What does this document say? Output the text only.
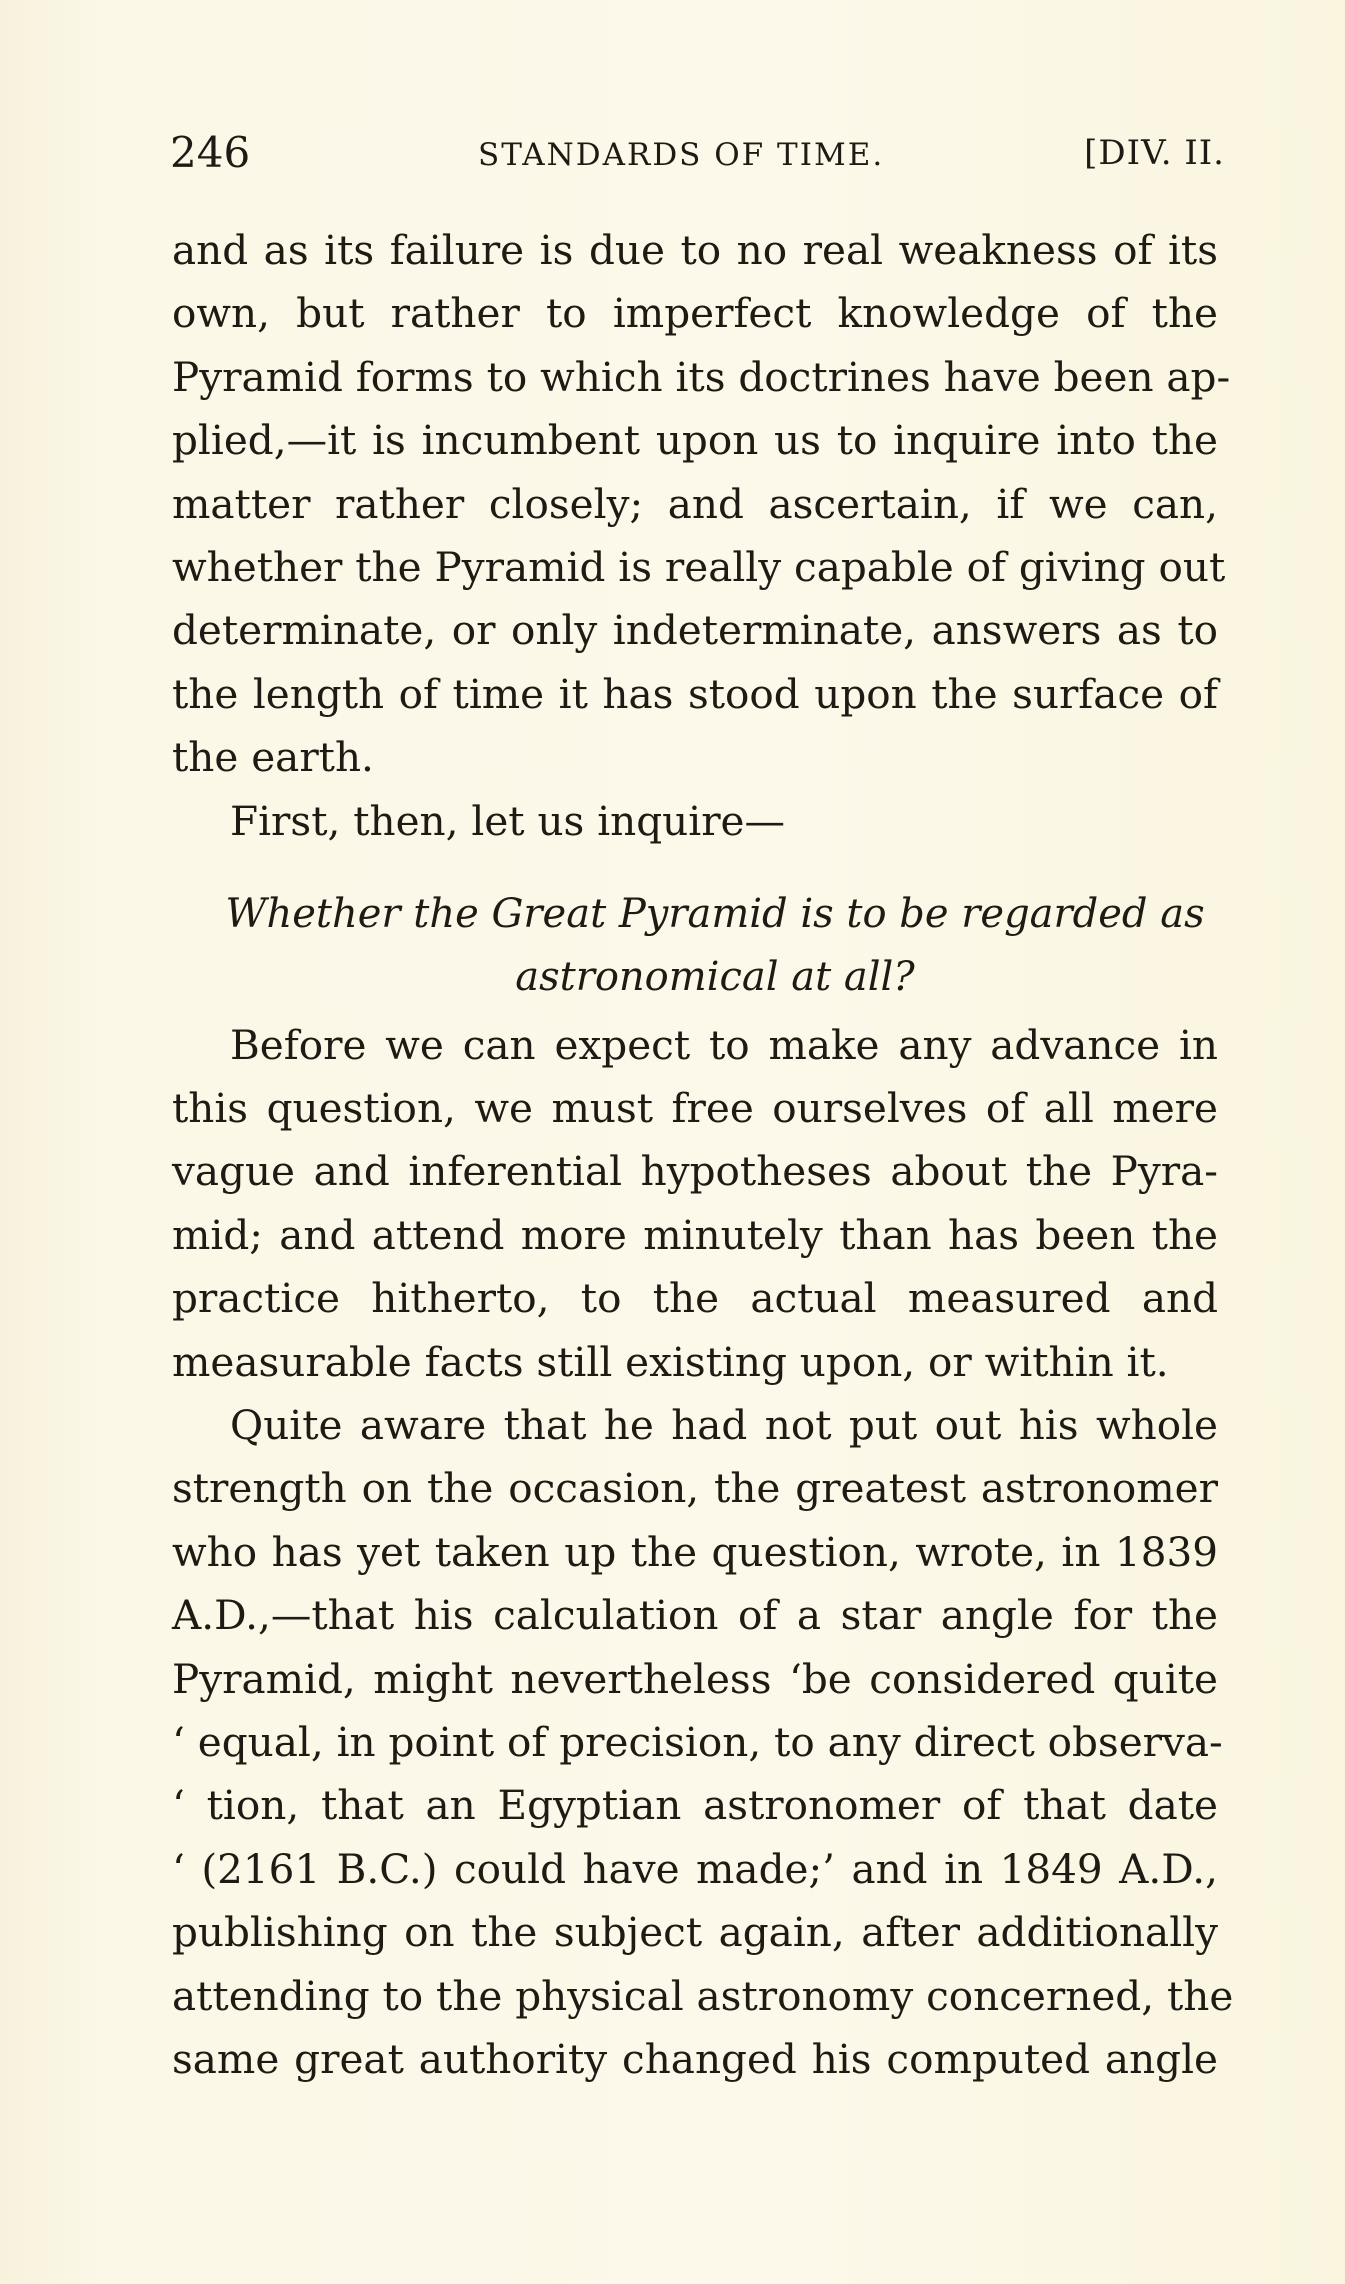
246	STANDARDS OF TIME.	[DIV. II.
and as its failure is due to no real weakness of its
own, but rather to imperfect knowledge of the
Pyramid forms to which its doctrines have been ap-
plied,—it is incumbent upon us to inquire into the
matter rather closely; and ascertain, if we can,
whether the Pyramid is really capable of giving out
determinate, or only indeterminate, answers as to
the length of time it has stood upon the surface of
the earth.
First, then, let us inquire—
Whether the Great Pyramid is to be regarded as
astronomical at all?
Before we can expect to make any advance in
this question, we must free ourselves of all mere
vague and inferential hypotheses about the Pyra-
mid; and attend more minutely than has been the
practice hitherto, to the actual measured and
measurable facts still existing upon, or within it.
Quite aware that he had not put out his whole
strength on the occasion, the greatest astronomer
who has yet taken up the question, wrote, in 1839
A.D.,—that his calculation of a star angle for the
Pyramid, might nevertheless ‘be considered quite
‘ equal, in point of precision, to any direct observa-
‘ tion, that an Egyptian astronomer of that date
‘ (2161 B.C.) could have made;’ and in 1849 A.D.,
publishing on the subject again, after additionally
attending to the physical astronomy concerned, the
same great authority changed his computed angle
